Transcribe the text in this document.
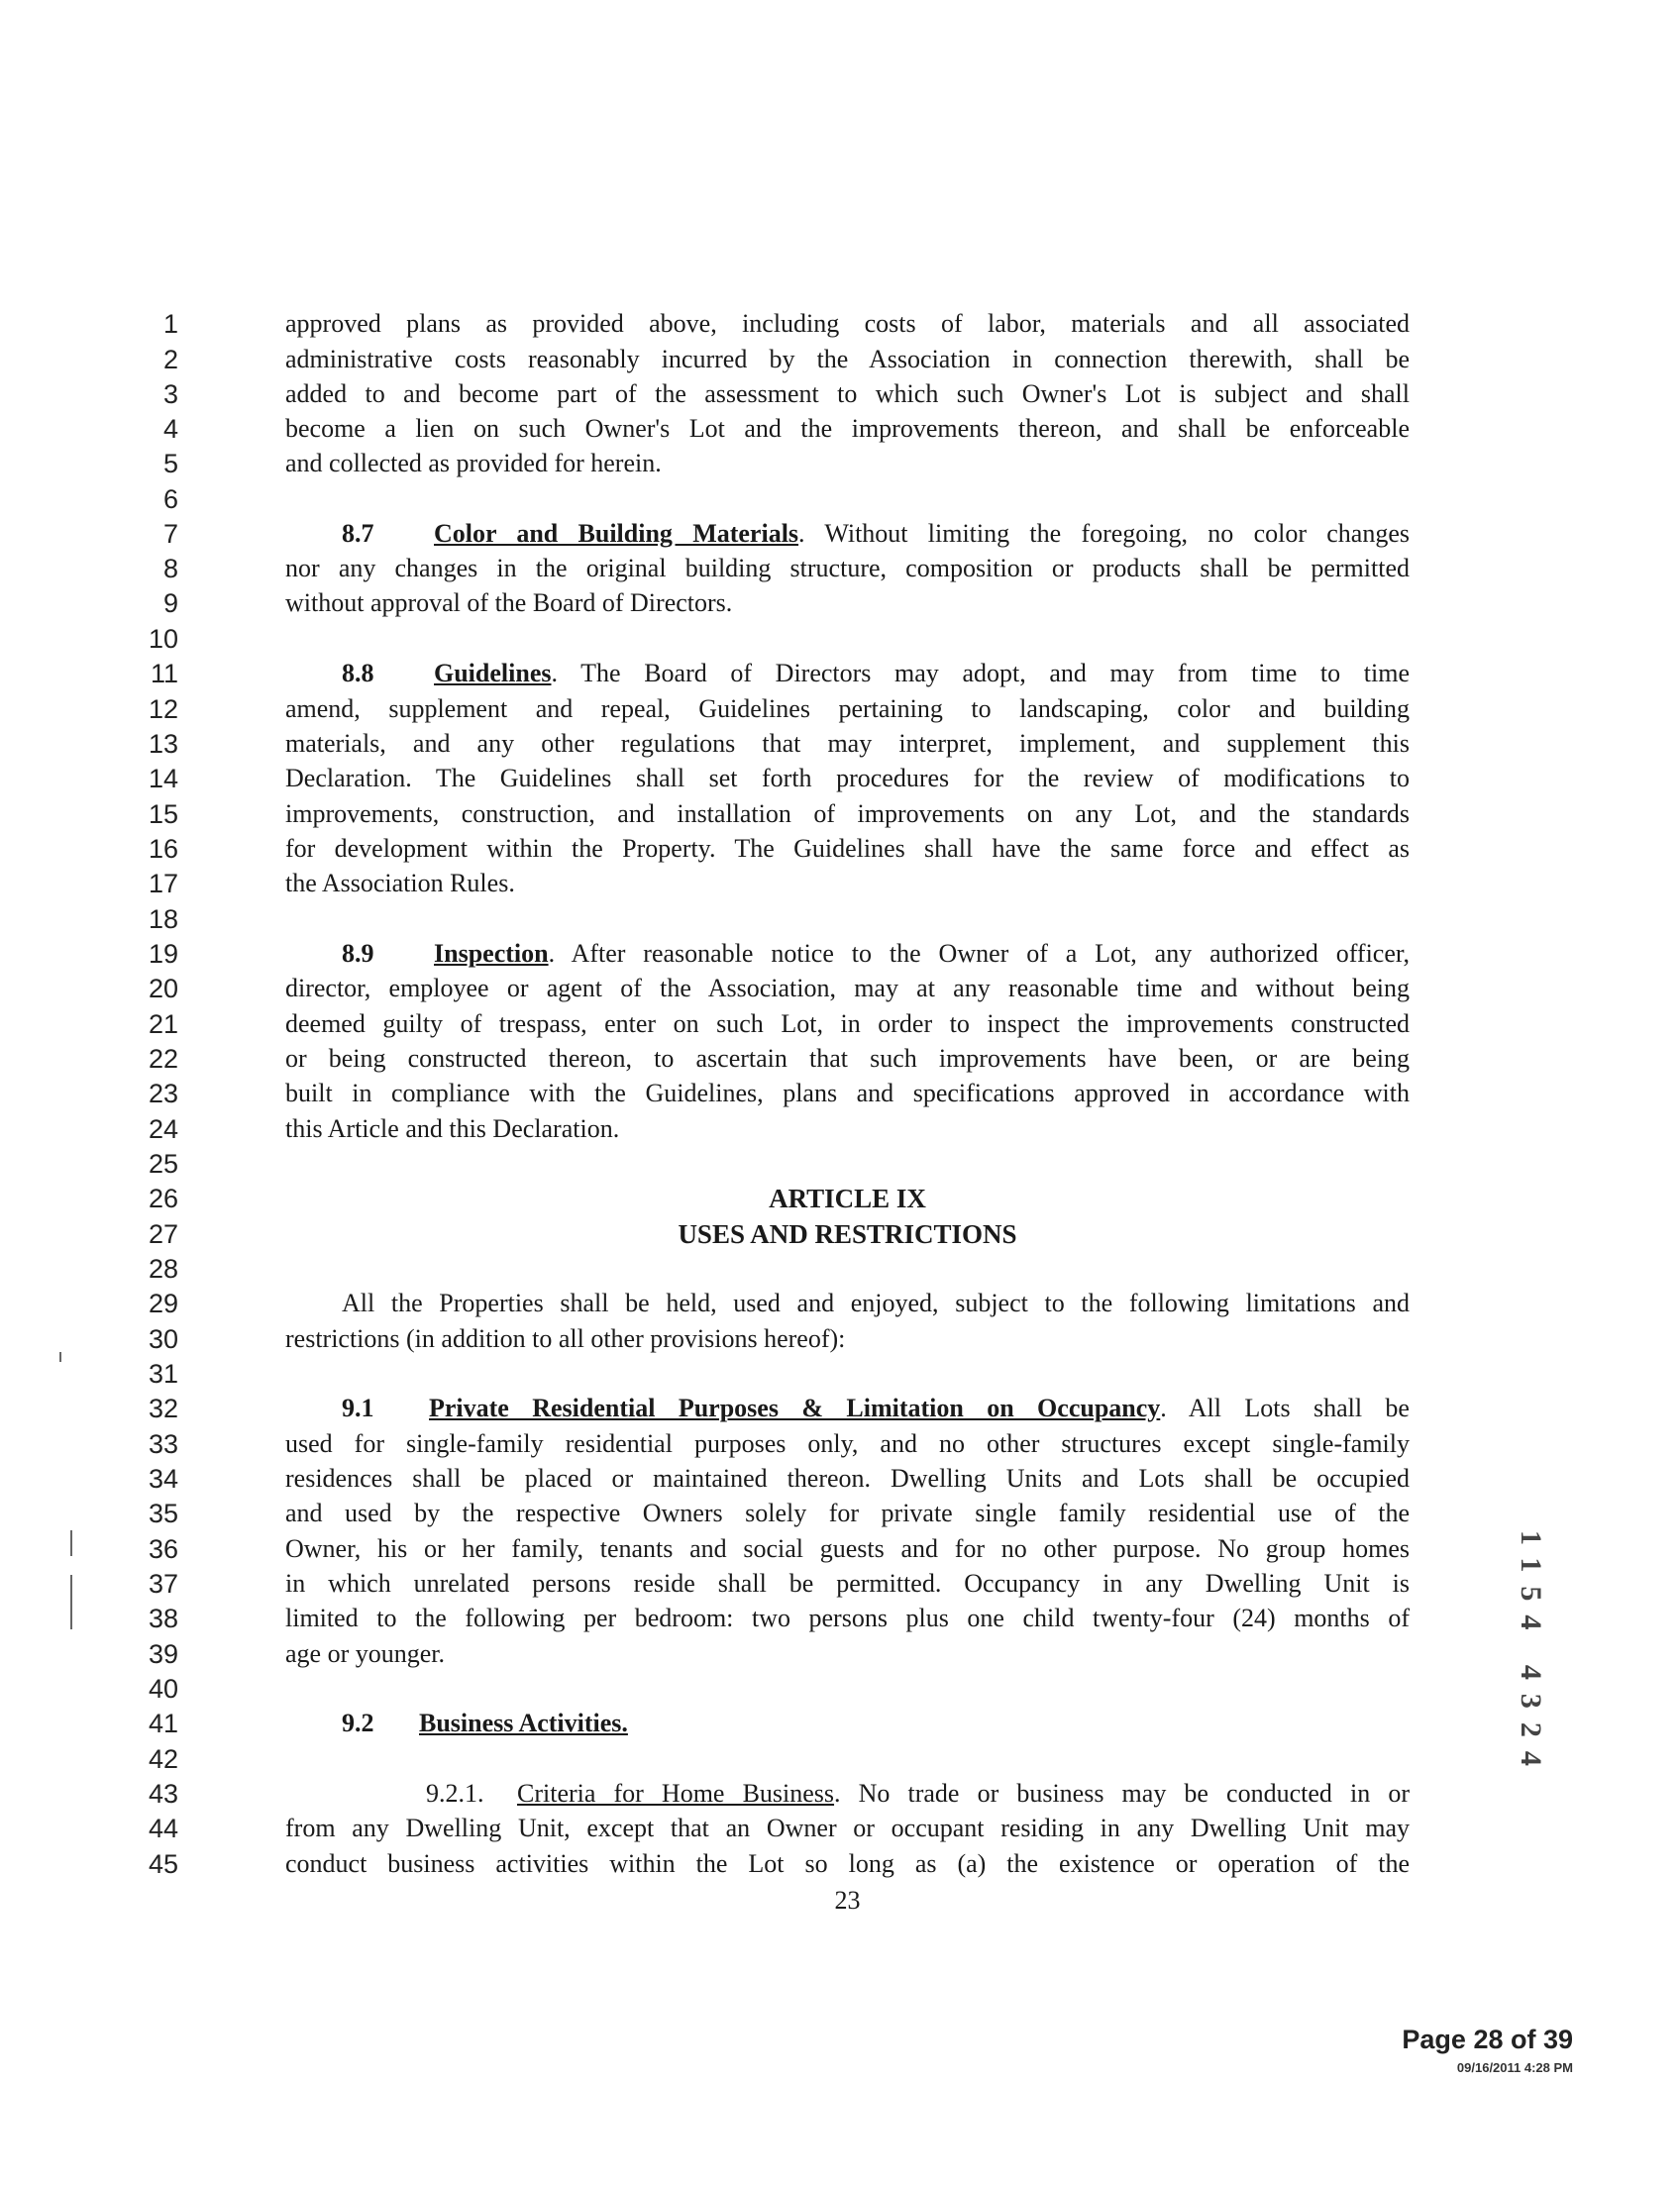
1
2
3
4
5
6
7
8
9
10
11
12
13
14
15
16
17
18
19
20
21
22
23
24
25
26
27
28
29
30
31
32
33
34
35
36
37
38
39
40
41
42
43
44
45
approved plans as provided above, including costs of labor, materials and all associated
administrative costs reasonably incurred by the Association in connection therewith, shall be
added to and become part of the assessment to which such Owner's Lot is subject and shall
become a lien on such Owner's Lot and the improvements thereon, and shall be enforceable
and collected as provided for herein.
8.7 Color and Building Materials. Without limiting the foregoing, no color changes
nor any changes in the original building structure, composition or products shall be permitted
without approval of the Board of Directors.
8.8 Guidelines. The Board of Directors may adopt, and may from time to time
amend, supplement and repeal, Guidelines pertaining to landscaping, color and building
materials, and any other regulations that may interpret, implement, and supplement this
Declaration. The Guidelines shall set forth procedures for the review of modifications to
improvements, construction, and installation of improvements on any Lot, and the standards
for development within the Property. The Guidelines shall have the same force and effect as
the Association Rules.
8.9 Inspection. After reasonable notice to the Owner of a Lot, any authorized officer,
director, employee or agent of the Association, may at any reasonable time and without being
deemed guilty of trespass, enter on such Lot, in order to inspect the improvements constructed
or being constructed thereon, to ascertain that such improvements have been, or are being
built in compliance with the Guidelines, plans and specifications approved in accordance with
this Article and this Declaration.
ARTICLE IX
USES AND RESTRICTIONS
All the Properties shall be held, used and enjoyed, subject to the following limitations and
restrictions (in addition to all other provisions hereof):
9.1 Private Residential Purposes & Limitation on Occupancy. All Lots shall be
used for single-family residential purposes only, and no other structures except single-family
residences shall be placed or maintained thereon. Dwelling Units and Lots shall be occupied
and used by the respective Owners solely for private single family residential use of the
Owner, his or her family, tenants and social guests and for no other purpose. No group homes
in which unrelated persons reside shall be permitted. Occupancy in any Dwelling Unit is
limited to the following per bedroom: two persons plus one child twenty-four (24) months of
age or younger.
9.2 Business Activities.
9.2.1. Criteria for Home Business. No trade or business may be conducted in or
from any Dwelling Unit, except that an Owner or occupant residing in any Dwelling Unit may
conduct business activities within the Lot so long as (a) the existence or operation of the
23
1154 4324
Page 28 of 39
09/16/2011 4:28 PM
